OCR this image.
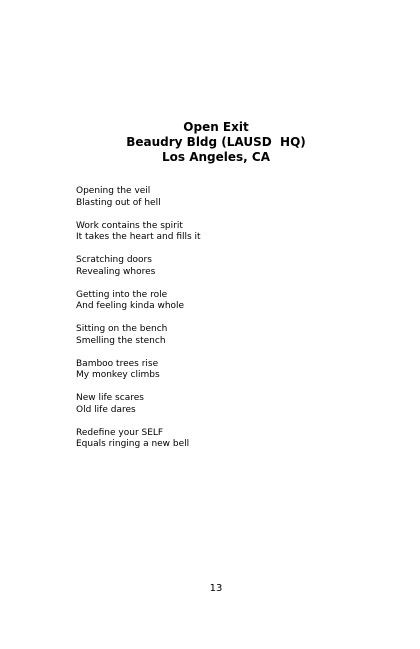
Open Exit
Beaudry Bldg (LAUSD  HQ)
Los Angeles, CA
Opening the veil
Blasting out of hell
Work contains the spirit
It takes the heart and fills it
Scratching doors
Revealing whores
Getting into the role
And feeling kinda whole
Sitting on the bench
Smelling the stench
Bamboo trees rise
My monkey climbs
New life scares
Old life dares
Redefine your SELF
Equals ringing a new bell
13
